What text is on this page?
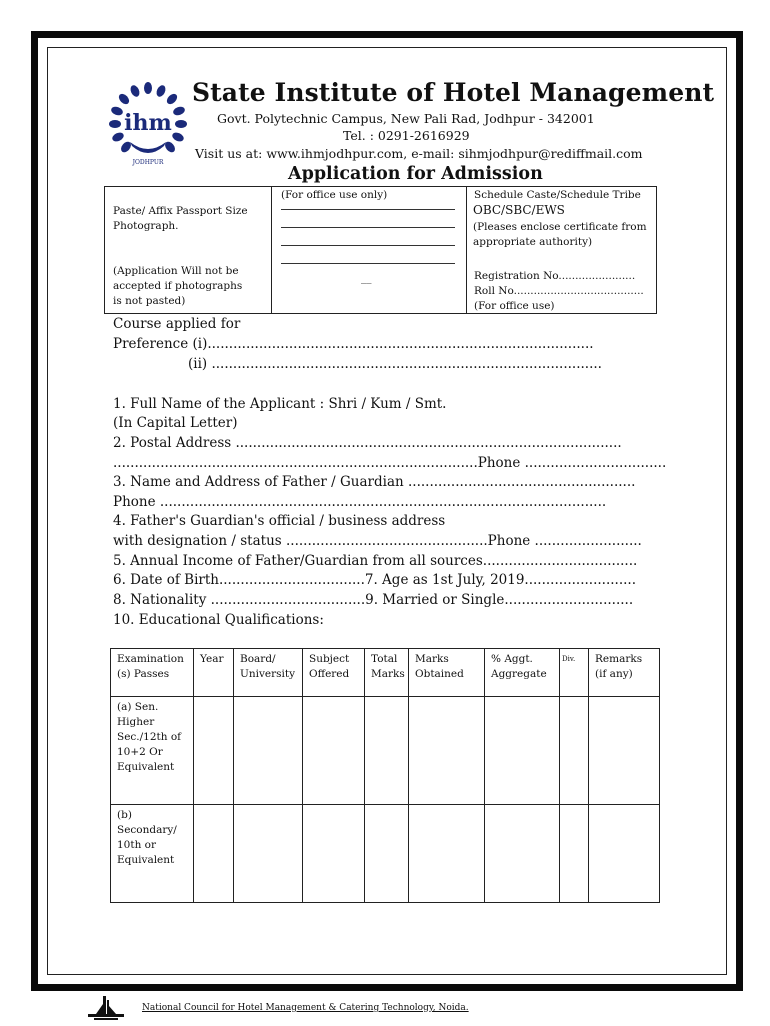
ihm
JODHPUR
State Institute of Hotel Management
Govt. Polytechnic Campus, New Pali Rad, Jodhpur - 342001
Tel. : 0291-2616929
Visit us at: www.ihmjodhpur.com, e-mail: sihmjodhpur@rediffmail.com
Application for Admission
Paste/ Affix Passport Size
Photograph.
(Application Will not be
accepted if photographs
is not pasted)
(For office use only)
__
Schedule Caste/Schedule Tribe
OBC/SBC/EWS
(Pleases enclose certificate from
appropriate authority)
Registration No.......................
Roll No.......................................
(For office use)
Course applied for
Preference (i)..........................................................................................
(ii) ...........................................................................................
1. Full Name of the Applicant : Shri / Kum / Smt.
(In Capital Letter)
2. Postal Address ..........................................................................................
.....................................................................................Phone .................................
3. Name and Address of Father / Guardian .....................................................
Phone ........................................................................................................
4. Father's Guardian's official / business address
with designation / status ...............................................Phone .........................
5. Annual Income of Father/Guardian from all sources....................................
6. Date of Birth..................................7. Age as 1st July, 2019..........................
8. Nationality ....................................9. Married or Single..............................
10. Educational Qualifications:
Examination (s) Passes	Year	Board/ University	Subject Offered	Total Marks	Marks Obtained	% Aggt. Aggregate	Div.	Remarks (if any)
(a) Sen. Higher Sec./12th of 10+2 Or Equivalent								
(b) Secondary/ 10th or Equivalent								
National Council for Hotel Management & Catering Technology, Noida.
